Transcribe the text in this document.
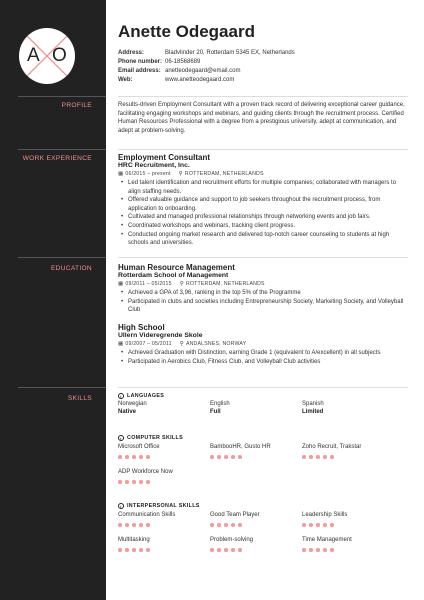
A O
Anette Odegaard
Address:	Bladvlinder 20, Rotterdam 5345 EX, Netherlands
Phone number: 06-18568689
Email address: anetteodegaard@email.com
Web:	www.anetteodegaard.com
PROFILE	Results-driven Employment Consultant with a proven track record of delivering exceptional career guidance, facilitating engaging workshops and webinars, and guiding clients through the recruitment process. Certified Human Resources Professional with a degree from a prestigious university, adept at communication, and adept at problem-solving.
WORK EXPERIENCE	Employment Consultant
HRC Recruitment, Inc.
▦ 06/2015 – present ⚲ ROTTERDAM, NETHERLANDS
• Led talent identification and recruitment efforts for multiple companies; collaborated with managers to align staffing needs.
• Offered valuable guidance and support to job seekers throughout the recruitment process, from application to onboarding.
• Cultivated and managed professional relationships through networking events and job fairs.
• Coordinated workshops and webinars, tracking client progress.
• Conducted ongoing market research and delivered top-notch career counseling to students at high schools and universities.
EDUCATION	Human Resource Management
Rotterdam School of Management
▦ 09/2011 – 05/2015 ⚲ ROTTERDAM, NETHERLANDS
• Achieved a GPA of 3,96, ranking in the top 5% of the Programme
• Participated in clubs and societies including Entrepreneurship Society, Marketing Society, and Volleyball Club
High School
Ullern Videregrende Skole
▦ 09/2007 – 05/2011 ⚲ ANDALSNES, NORWAY
• Achieved Graduation with Distinction, earning Grade 1 (equivalent to A/excellent) in all subjects
• Participated in Aerobics Club, Fitness Club, and Volleyball Club activities
SKILLS	i LANGUAGES
Norwegian
Native
English
Full
Spanish
Limited
i COMPUTER SKILLS
Microsoft Office	BambooHR, Gusto HR	Zoho Recruit, Trakstar
ADP Workforce Now
i INTERPERSONAL SKILLS
Communication Skills	Good Team Player	Leadership Skills
Multitasking	Problem-solving	Time Management
